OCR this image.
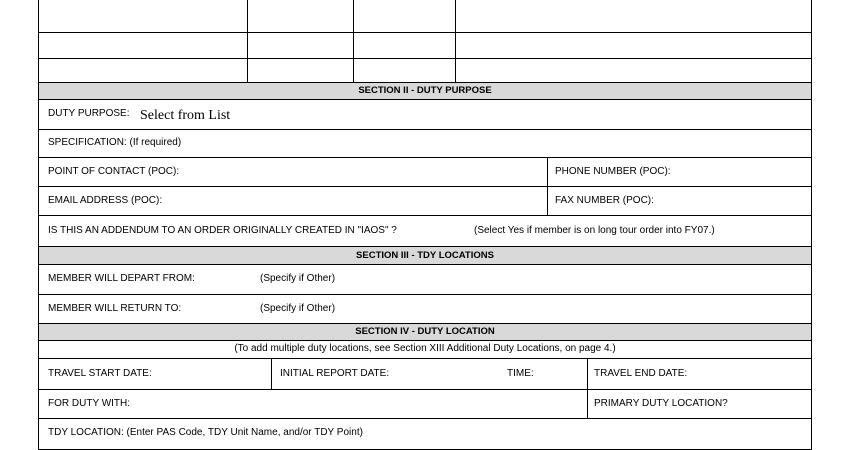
SECTION II - DUTY PURPOSE
DUTY PURPOSE: Select from List
SPECIFICATION: (If required)
POINT OF CONTACT (POC):	PHONE NUMBER (POC):
EMAIL ADDRESS (POC):	FAX NUMBER (POC):
IS THIS AN ADDENDUM TO AN ORDER ORIGINALLY CREATED IN "IAOS" ?	(Select Yes if member is on long tour order into FY07.)
SECTION III - TDY LOCATIONS
MEMBER WILL DEPART FROM:	(Specify if Other)
MEMBER WILL RETURN TO:	(Specify if Other)
SECTION IV - DUTY LOCATION
(To add multiple duty locations, see Section XIII Additional Duty Locations, on page 4.)
TRAVEL START DATE:	INITIAL REPORT DATE:	TIME:	TRAVEL END DATE:
FOR DUTY WITH:	PRIMARY DUTY LOCATION?
TDY LOCATION: (Enter PAS Code, TDY Unit Name, and/or TDY Point)
